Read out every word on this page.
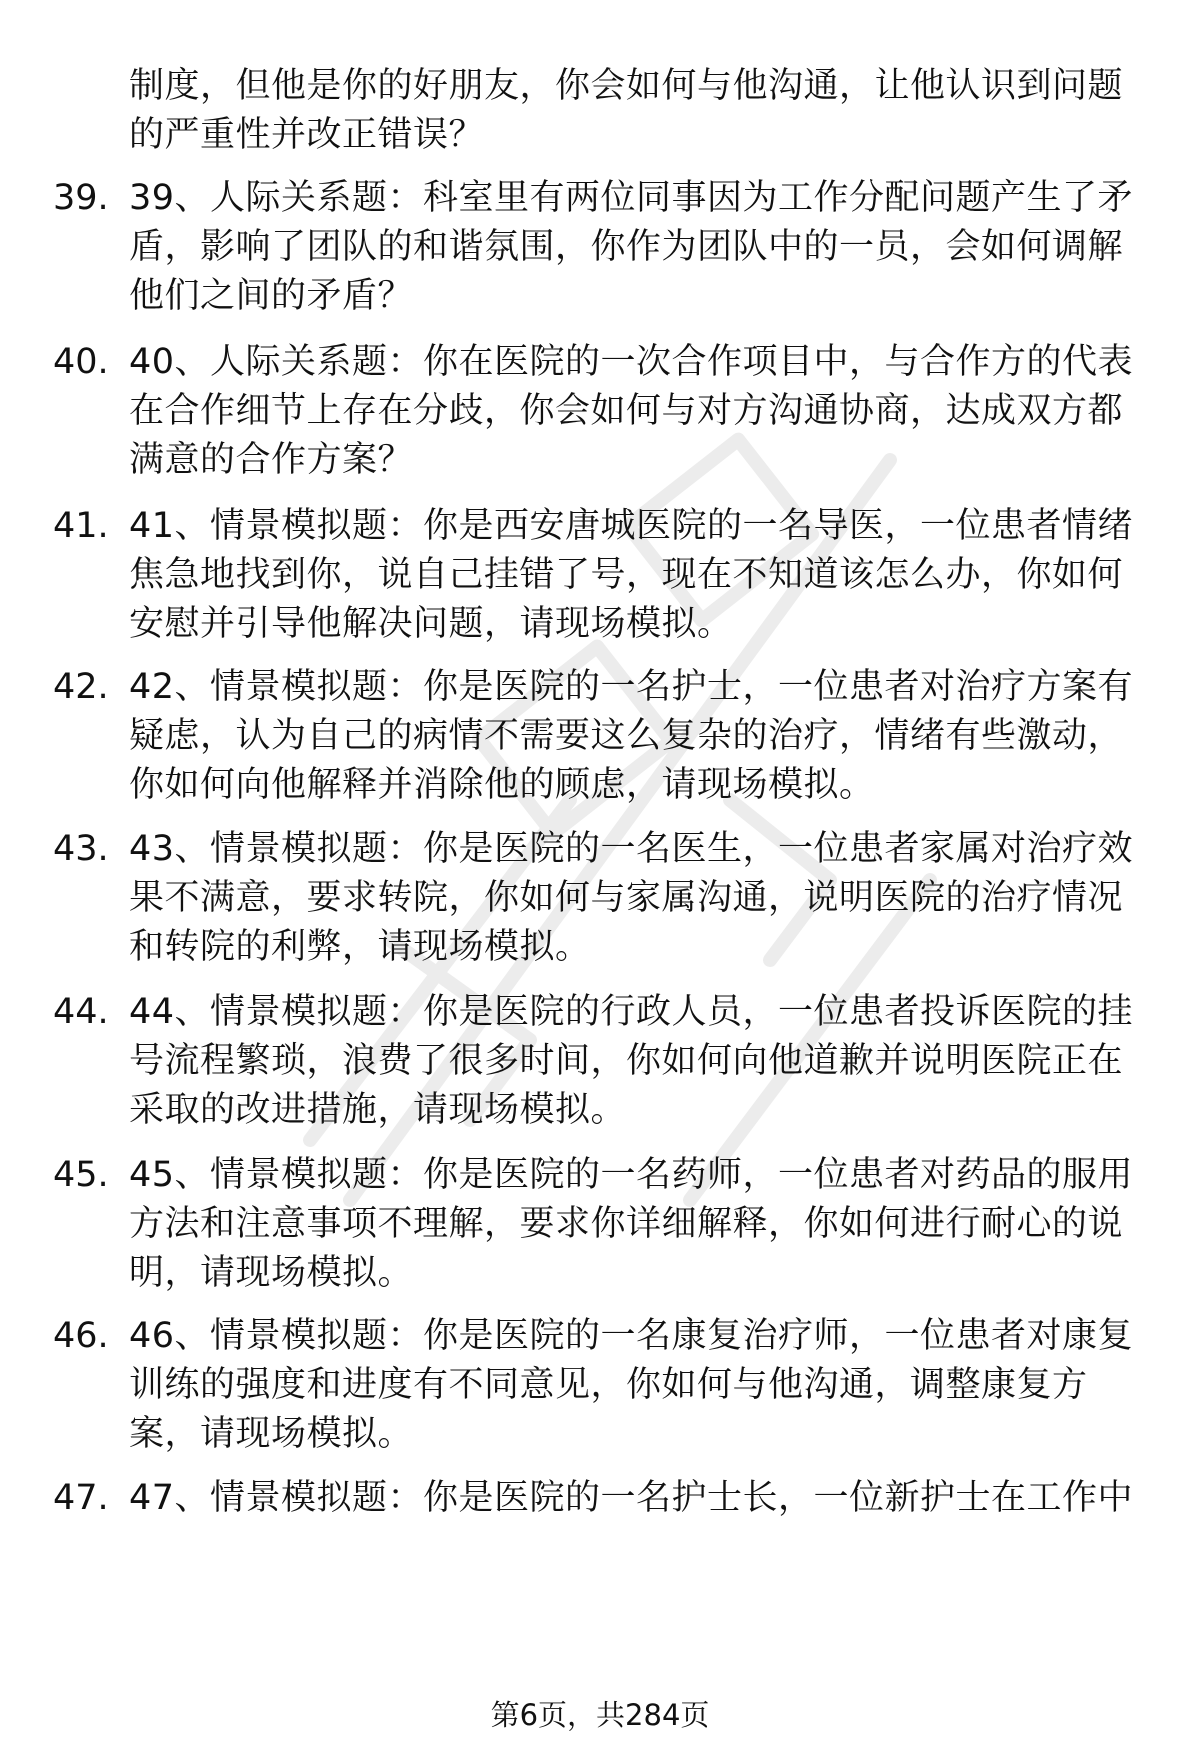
制度，但他是你的好朋友，你会如何与他沟通，让他认识到问题的严重性并改正错误？
39. 39、人际关系题：科室里有两位同事因为工作分配问题产生了矛盾，影响了团队的和谐氛围，你作为团队中的一员，会如何调解他们之间的矛盾？
40. 40、人际关系题：你在医院的一次合作项目中，与合作方的代表在合作细节上存在分歧，你会如何与对方沟通协商，达成双方都满意的合作方案？
41. 41、情景模拟题：你是西安唐城医院的一名导医，一位患者情绪焦急地找到你，说自己挂错了号，现在不知道该怎么办，你如何安慰并引导他解决问题，请现场模拟。
42. 42、情景模拟题：你是医院的一名护士，一位患者对治疗方案有疑虑，认为自己的病情不需要这么复杂的治疗，情绪有些激动，你如何向他解释并消除他的顾虑，请现场模拟。
43. 43、情景模拟题：你是医院的一名医生，一位患者家属对治疗效果不满意，要求转院，你如何与家属沟通，说明医院的治疗情况和转院的利弊，请现场模拟。
44. 44、情景模拟题：你是医院的行政人员，一位患者投诉医院的挂号流程繁琐，浪费了很多时间，你如何向他道歉并说明医院正在采取的改进措施，请现场模拟。
45. 45、情景模拟题：你是医院的一名药师，一位患者对药品的服用方法和注意事项不理解，要求你详细解释，你如何进行耐心的说明，请现场模拟。
46. 46、情景模拟题：你是医院的一名康复治疗师，一位患者对康复训练的强度和进度有不同意见，你如何与他沟通，调整康复方案，请现场模拟。
47. 47、情景模拟题：你是医院的一名护士长，一位新护士在工作中
第6页，共284页
